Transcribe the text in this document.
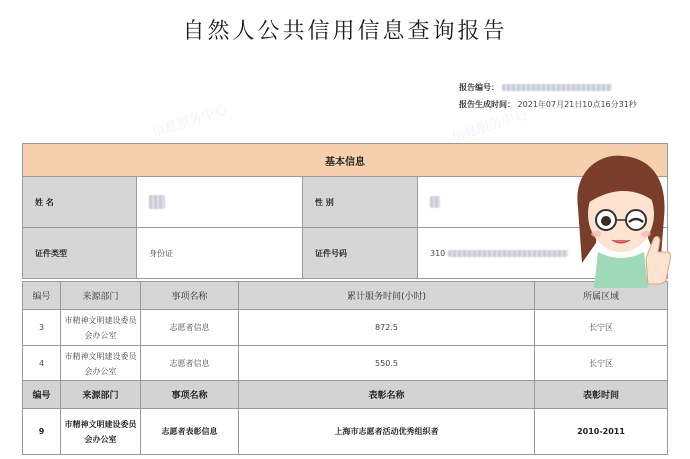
自然人公共信用信息查询报告
报告编号：
报告生成时间： 2021年07月21日10点16分31秒
信息服务中心	信息服务中心
基本信息			
姓 名		性 别	
证件类型	身份证	证件号码	310
编号	来源部门	事项名称	累计服务时间(小时)	所属区域
3	市精神文明建设委员会办公室	志愿者信息	872.5	长宁区
4	市精神文明建设委员会办公室	志愿者信息	550.5	长宁区
编号	来源部门	事项名称	表彰名称	表彰时间
9	市精神文明建设委员会办公室	志愿者表彰信息	上海市志愿者活动优秀组织者	2010-2011
